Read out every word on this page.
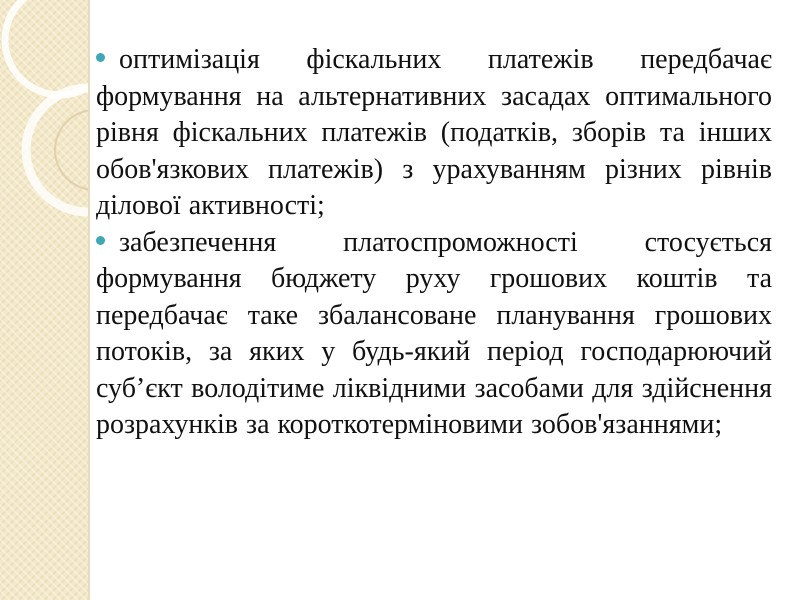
оптимізація фіскальних платежів передбачає формування на альтернативних засадах оптимального рівня фіскальних платежів (податків, зборів та інших обов'язкових платежів) з урахуванням різних рівнів ділової активності;

забезпечення платоспроможності стосується формування бюджету руху грошових коштів та передбачає таке збалансоване планування грошових потоків, за яких у будь-який період господарюючий суб’єкт володітиме ліквідними засобами для здійснення розрахунків за короткотерміновими зобов'язаннями;
